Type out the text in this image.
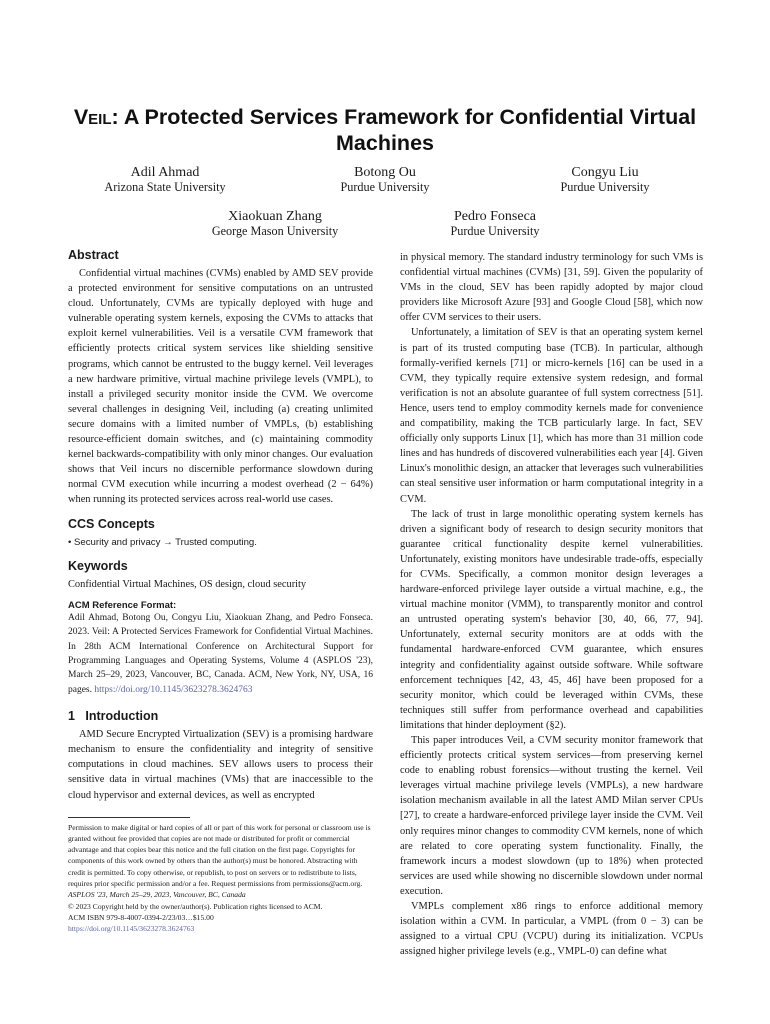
Veil: A Protected Services Framework for Confidential Virtual
Machines
Adil Ahmad
Arizona State University
Botong Ou
Purdue University
Congyu Liu
Purdue University
Xiaokuan Zhang
George Mason University
Pedro Fonseca
Purdue University
Abstract

Confidential virtual machines (CVMs) enabled by AMD SEV provide a protected environment for sensitive computations on an untrusted cloud. Unfortunately, CVMs are typically deployed with huge and vulnerable operating system kernels, exposing the CVMs to attacks that exploit kernel vulnerabilities. Veil is a versatile CVM framework that efficiently protects critical system services like shielding sensitive programs, which cannot be entrusted to the buggy kernel. Veil leverages a new hardware primitive, virtual machine privilege levels (VMPL), to install a privileged security monitor inside the CVM. We overcome several challenges in designing Veil, including (a) creating unlimited secure domains with a limited number of VMPLs, (b) establishing resource-efficient domain switches, and (c) maintaining commodity kernel backwards-compatibility with only minor changes. Our evaluation shows that Veil incurs no discernible performance slowdown during normal CVM execution while incurring a modest overhead (2 − 64%) when running its protected services across real-world use cases.

CCS Concepts

• Security and privacy → Trusted computing.

Keywords

Confidential Virtual Machines, OS design, cloud security

ACM Reference Format:
Adil Ahmad, Botong Ou, Congyu Liu, Xiaokuan Zhang, and Pedro Fonseca. 2023. Veil: A Protected Services Framework for Confidential Virtual Machines. In 28th ACM International Conference on Architectural Support for Programming Languages and Operating Systems, Volume 4 (ASPLOS '23), March 25–29, 2023, Vancouver, BC, Canada. ACM, New York, NY, USA, 16 pages. https://doi.org/10.1145/3623278.3624763
1 Introduction

AMD Secure Encrypted Virtualization (SEV) is a promising hardware mechanism to ensure the confidentiality and integrity of sensitive computations in cloud machines. SEV allows users to process their sensitive data in virtual machines (VMs) that are inaccessible to the cloud hypervisor and external devices, as well as encrypted

Permission to make digital or hard copies of all or part of this work for personal or classroom use is granted without fee provided that copies are not made or distributed for profit or commercial advantage and that copies bear this notice and the full citation on the first page. Copyrights for components of this work owned by others than the author(s) must be honored. Abstracting with credit is permitted. To copy otherwise, or republish, to post on servers or to redistribute to lists, requires prior specific permission and/or a fee. Request permissions from permissions@acm.org.
ASPLOS '23, March 25–29, 2023, Vancouver, BC, Canada
© 2023 Copyright held by the owner/author(s). Publication rights licensed to ACM.
ACM ISBN 979-8-4007-0394-2/23/03…$15.00
https://doi.org/10.1145/3623278.3624763

in physical memory. The standard industry terminology for such VMs is confidential virtual machines (CVMs) [31, 59]. Given the popularity of VMs in the cloud, SEV has been rapidly adopted by major cloud providers like Microsoft Azure [93] and Google Cloud [58], which now offer CVM services to their users.

Unfortunately, a limitation of SEV is that an operating system kernel is part of its trusted computing base (TCB). In particular, although formally-verified kernels [71] or micro-kernels [16] can be used in a CVM, they typically require extensive system redesign, and formal verification is not an absolute guarantee of full system correctness [51]. Hence, users tend to employ commodity kernels made for convenience and compatibility, making the TCB particularly large. In fact, SEV officially only supports Linux [1], which has more than 31 million code lines and has hundreds of discovered vulnerabilities each year [4]. Given Linux's monolithic design, an attacker that leverages such vulnerabilities can steal sensitive user information or harm computational integrity in a CVM.

The lack of trust in large monolithic operating system kernels has driven a significant body of research to design security monitors that guarantee critical functionality despite kernel vulnerabilities. Unfortunately, existing monitors have undesirable trade-offs, especially for CVMs. Specifically, a common monitor design leverages a hardware-enforced privilege layer outside a virtual machine, e.g., the virtual machine monitor (VMM), to transparently monitor and control an untrusted operating system's behavior [30, 40, 66, 77, 94]. Unfortunately, external security monitors are at odds with the fundamental hardware-enforced CVM guarantee, which ensures integrity and confidentiality against outside software. While software enforcement techniques [42, 43, 45, 46] have been proposed for a security monitor, which could be leveraged within CVMs, these techniques still suffer from performance overhead and capabilities limitations that hinder deployment (§2).

This paper introduces Veil, a CVM security monitor framework that efficiently protects critical system services—from preserving kernel code to enabling robust forensics—without trusting the kernel. Veil leverages virtual machine privilege levels (VMPLs), a new hardware isolation mechanism available in all the latest AMD Milan server CPUs [27], to create a hardware-enforced privilege layer inside the CVM. Veil only requires minor changes to commodity CVM kernels, none of which are related to core operating system functionality. Finally, the framework incurs a modest slowdown (up to 18%) when protected services are used while showing no discernible slowdown under normal execution.

VMPLs complement x86 rings to enforce additional memory isolation within a CVM. In particular, a VMPL (from 0 − 3) can be assigned to a virtual CPU (VCPU) during its initialization. VCPUs assigned higher privilege levels (e.g., VMPL-0) can define what
